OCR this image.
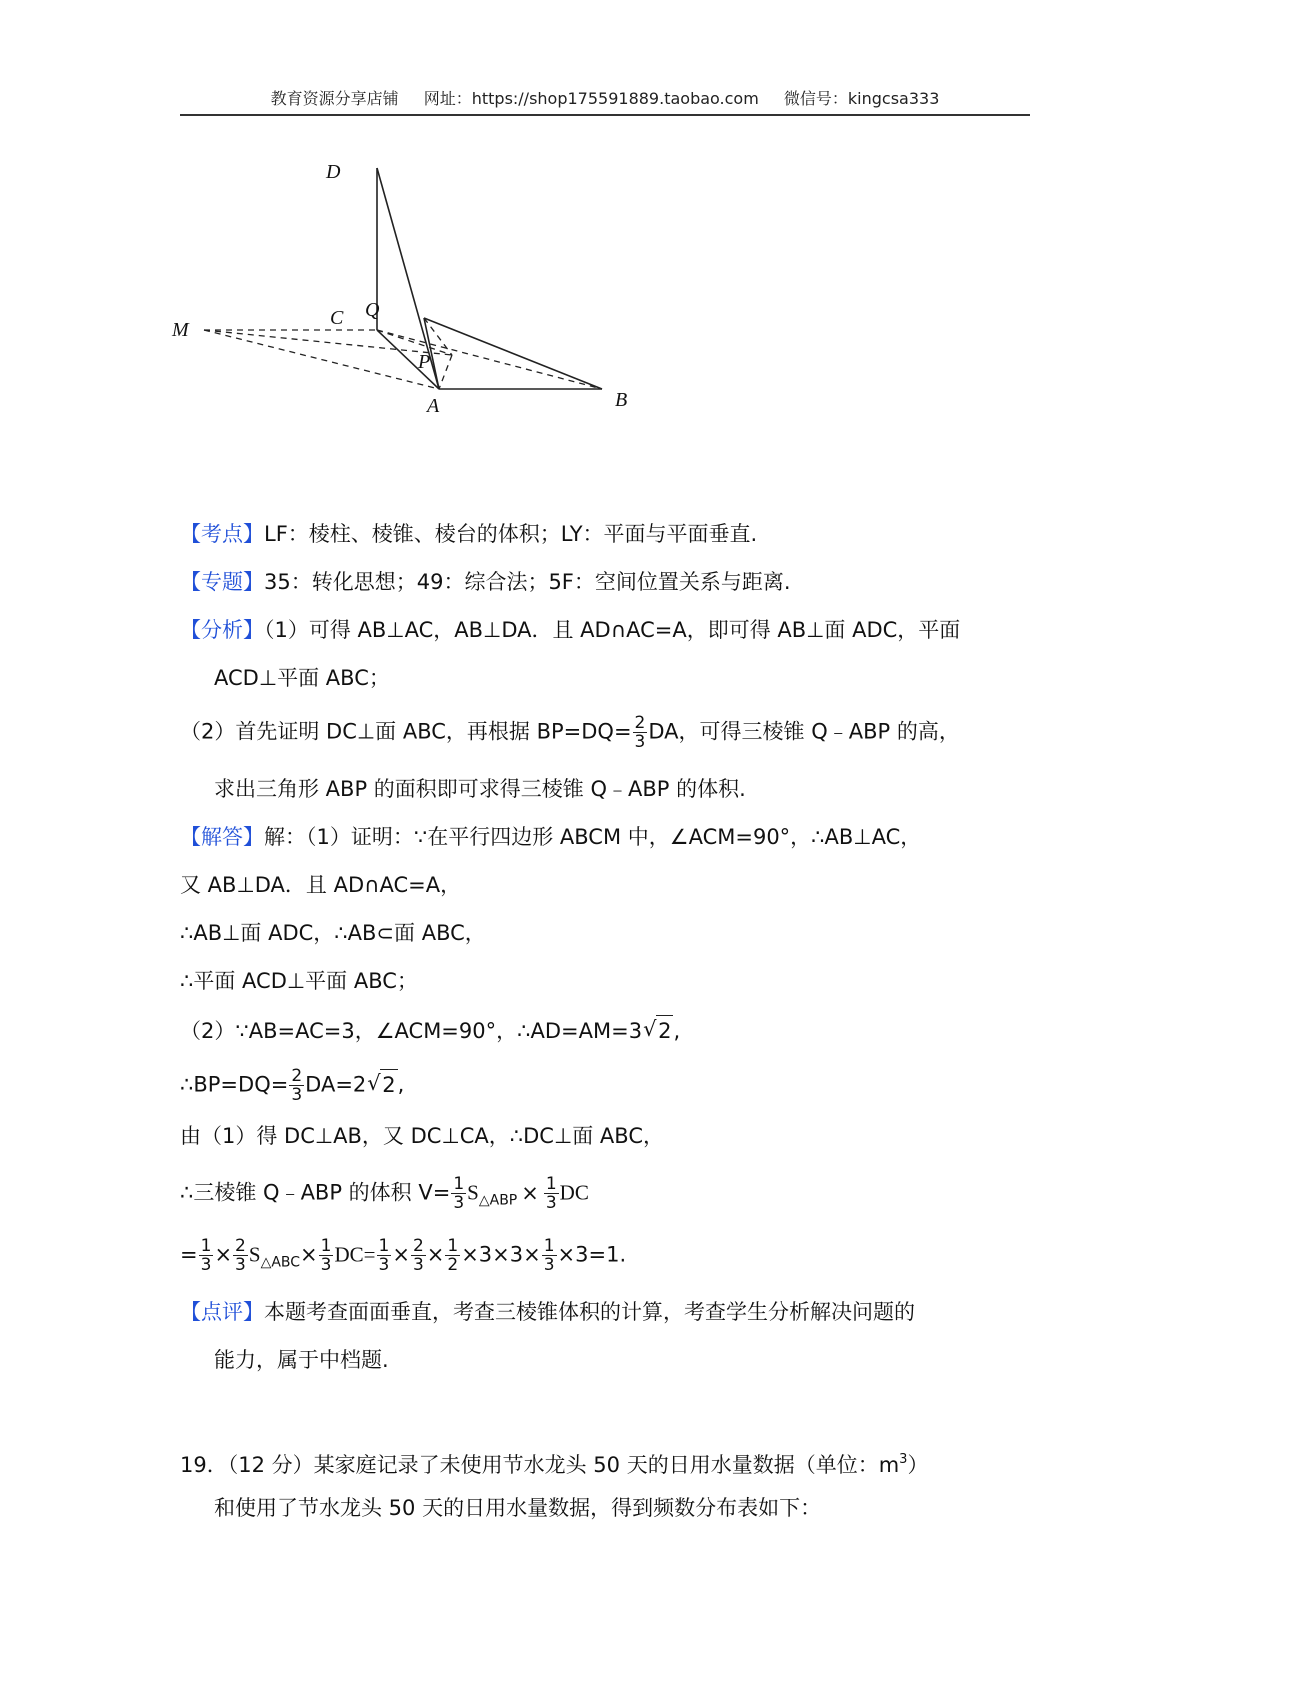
教育资源分享店铺 网址：https://shop175591889.taobao.com 微信号：kingcsa333
D
C Q
M
P
A	B
【考点】LF：棱柱、棱锥、棱台的体积；LY：平面与平面垂直.
【专题】35：转化思想；49：综合法；5F：空间位置关系与距离.
【分析】（1）可得 AB⊥AC，AB⊥DA．且 AD∩AC=A，即可得 AB⊥面 ADC，平面
ACD⊥平面 ABC；
（2）首先证明 DC⊥面 ABC，再根据 $BP=DQ= \frac{2}{3}$ DA，可得三棱锥 Q﹣ABP 的高，
求出三角形 ABP 的面积即可求得三棱锥 Q﹣ABP 的体积.
【解答】解：（1）证明：∵在平行四边形 ABCM 中，∠ACM=90°，∴AB⊥AC，
又 AB⊥DA．且 AD∩AC=A，
∴AB⊥面 ADC，∴AB⊂面 ABC，
∴平面 ACD⊥平面 ABC；
（2）∵AB=AC=3，∠ACM=90°，∴AD=AM=3√ 2,
∴BP=DQ= $\frac{2}{3} DA=2√$ 2,
由（1）得 DC⊥AB，又 DC⊥CA，∴DC⊥面 ABC，
∴三棱锥 Q﹣ABP 的体积 $V= \frac{1}{3} S_{\triangle ABP} \times \frac{1}{3}$ DC
= $\frac{1}{3} \times \frac{2}{3} S_{\triangle ABC}\times \frac{1}{3} DC= \frac{1}{3} \times \frac{2}{3} \times \frac{1}{2} \times 3\times 3\times \frac{1}{3} \times 3=1$.
【点评】本题考查面面垂直，考查三棱锥体积的计算，考查学生分析解决问题的
能力，属于中档题.
19．（12 分）某家庭记录了未使用节水龙头 50 天的日用水量数据（单位：$m^3$）
和使用了节水龙头 50 天的日用水量数据，得到频数分布表如下：
